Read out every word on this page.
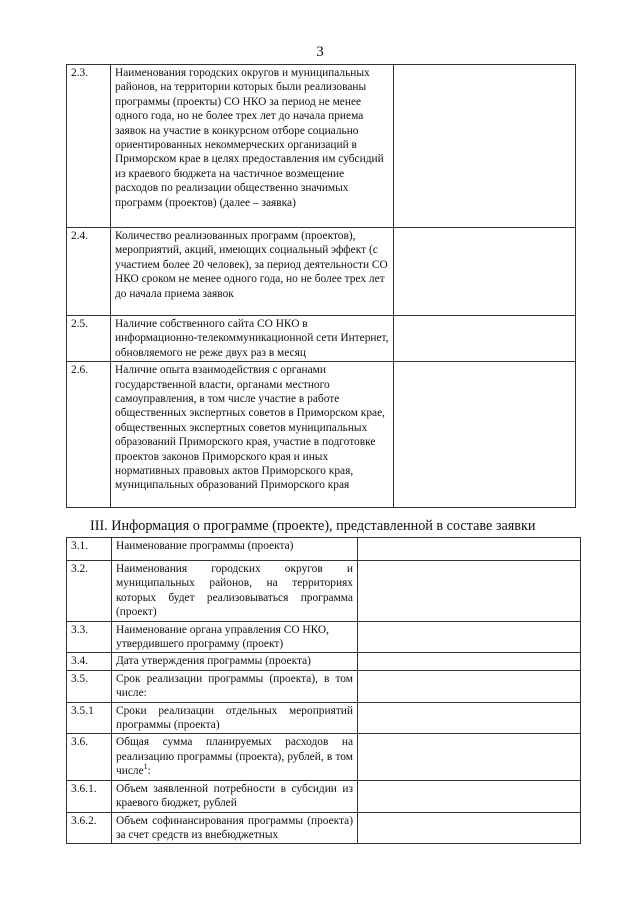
3
2.3.	Наименования городских округов и муниципальных районов, на территории которых были реализованы программы (проекты) СО НКО за период не менее одного года, но не более трех лет до начала приема заявок на участие в конкурсном отборе социально ориентированных некоммерческих организаций в Приморском крае в целях предоставления им субсидий из краевого бюджета на частичное возмещение расходов по реализации общественно значимых программ (проектов) (далее – заявка)	
2.4.	Количество реализованных программ (проектов), мероприятий, акций, имеющих социальный эффект (с участием более 20 человек), за период деятельности СО НКО сроком не менее одного года, но не более трех лет до начала приема заявок	
2.5.	Наличие собственного сайта СО НКО в информационно-телекоммуникационной сети Интернет, обновляемого не реже двух раз в месяц	
2.6.	Наличие опыта взаимодействия с органами государственной власти, органами местного самоуправления, в том числе участие в работе общественных экспертных советов в Приморском крае, общественных экспертных советов муниципальных образований Приморского края, участие в подготовке проектов законов Приморского края и иных нормативных правовых актов Приморского края, муниципальных образований Приморского края	
III. Информация о программе (проекте), представленной в составе заявки
3.1.	Наименование программы (проекта)	
3.2.	Наименования городских округов и муниципальных районов, на территориях которых будет реализовываться программа (проект)	
3.3.	Наименование органа управления СО НКО, утвердившего программу (проект)	
3.4.	Дата утверждения программы (проекта)	
3.5.	Срок реализации программы (проекта), в том числе:	
3.5.1	Сроки реализации отдельных мероприятий программы (проекта)	
3.6.	Общая сумма планируемых расходов на реализацию программы (проекта), рублей, в том числе$^1$:	
3.6.1.	Объем заявленной потребности в субсидии из краевого бюджет, рублей	
3.6.2.	Объем софинансирования программы (проекта) за счет средств из внебюджетных	
